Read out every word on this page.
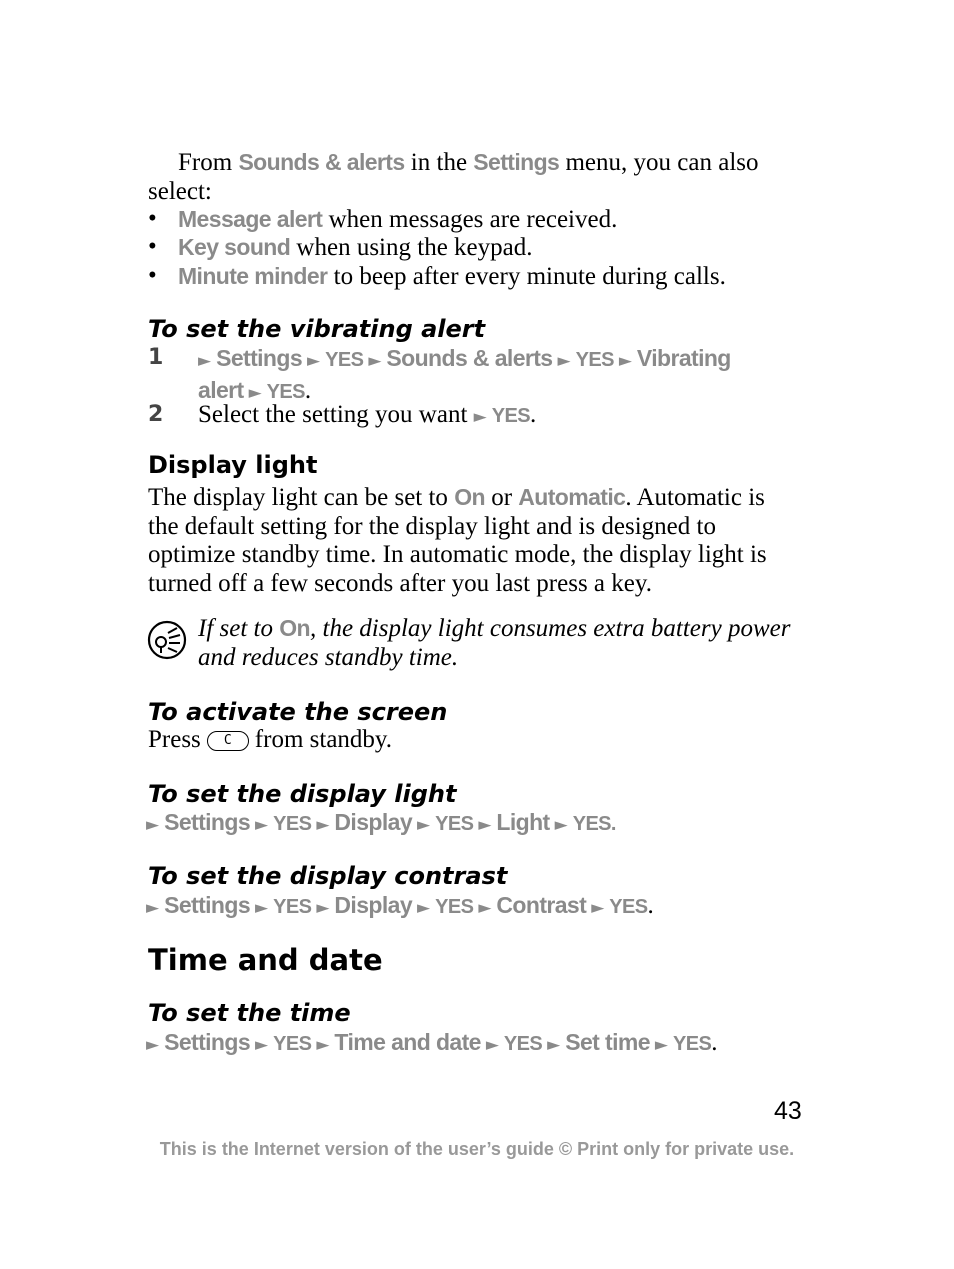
From Sounds & alerts in the Settings menu, you can also select:
• Message alert when messages are received.
• Key sound when using the keypad.
• Minute minder to beep after every minute during calls.
To set the vibrating alert
1 ► Settings ► YES ► Sounds & alerts ► YES ► Vibrating alert ► YES.
2 Select the setting you want ► YES.
Display light
The display light can be set to On or Automatic. Automatic is the default setting for the display light and is designed to optimize standby time. In automatic mode, the display light is turned off a few seconds after you last press a key.
If set to On, the display light consumes extra battery power and reduces standby time.
To activate the screen
Press C from standby.
To set the display light
► Settings ► YES ► Display ► YES ► Light ► YES.
To set the display contrast
► Settings ► YES ► Display ► YES ► Contrast ► YES.
Time and date
To set the time
► Settings ► YES ► Time and date ► YES ► Set time ► YES.
43
This is the Internet version of the user’s guide © Print only for private use.
